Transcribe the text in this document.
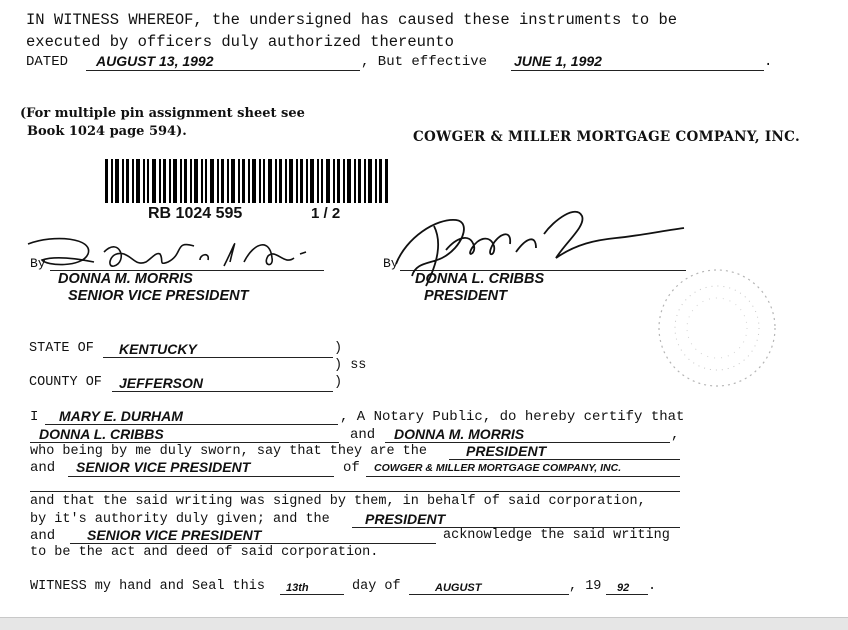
IN WITNESS WHEREOF, the undersigned has caused these instruments to be
executed by officers duly authorized thereunto
DATED AUGUST 13, 1992	, But effective JUNE 1, 1992	.
(For multiple pin assignment sheet see
Book 1024 page 594).	COWGER & MILLER MORTGAGE COMPANY, INC.
RB 1024 595	1 / 2
By
DONNA M. MORRIS
SENIOR VICE PRESIDENT
By
DONNA L. CRIBBS
PRESIDENT
STATE OF KENTUCKY	)
) ss
COUNTY OF JEFFERSON	)
I MARY E. DURHAM	, A Notary Public, do hereby certify that
DONNA L. CRIBBS	and DONNA M. MORRIS	,
who being by me duly sworn, say that they are the	PRESIDENT
and SENIOR VICE PRESIDENT	of COWGER & MILLER MORTGAGE COMPANY, INC.
and that the said writing was signed by them, in behalf of said corporation,
by it's authority duly given; and the	PRESIDENT
and SENIOR VICE PRESIDENT	acknowledge the said writing
to be the act and deed of said corporation.
WITNESS my hand and Seal this 13th	day of	AUGUST	, 19 92 .
